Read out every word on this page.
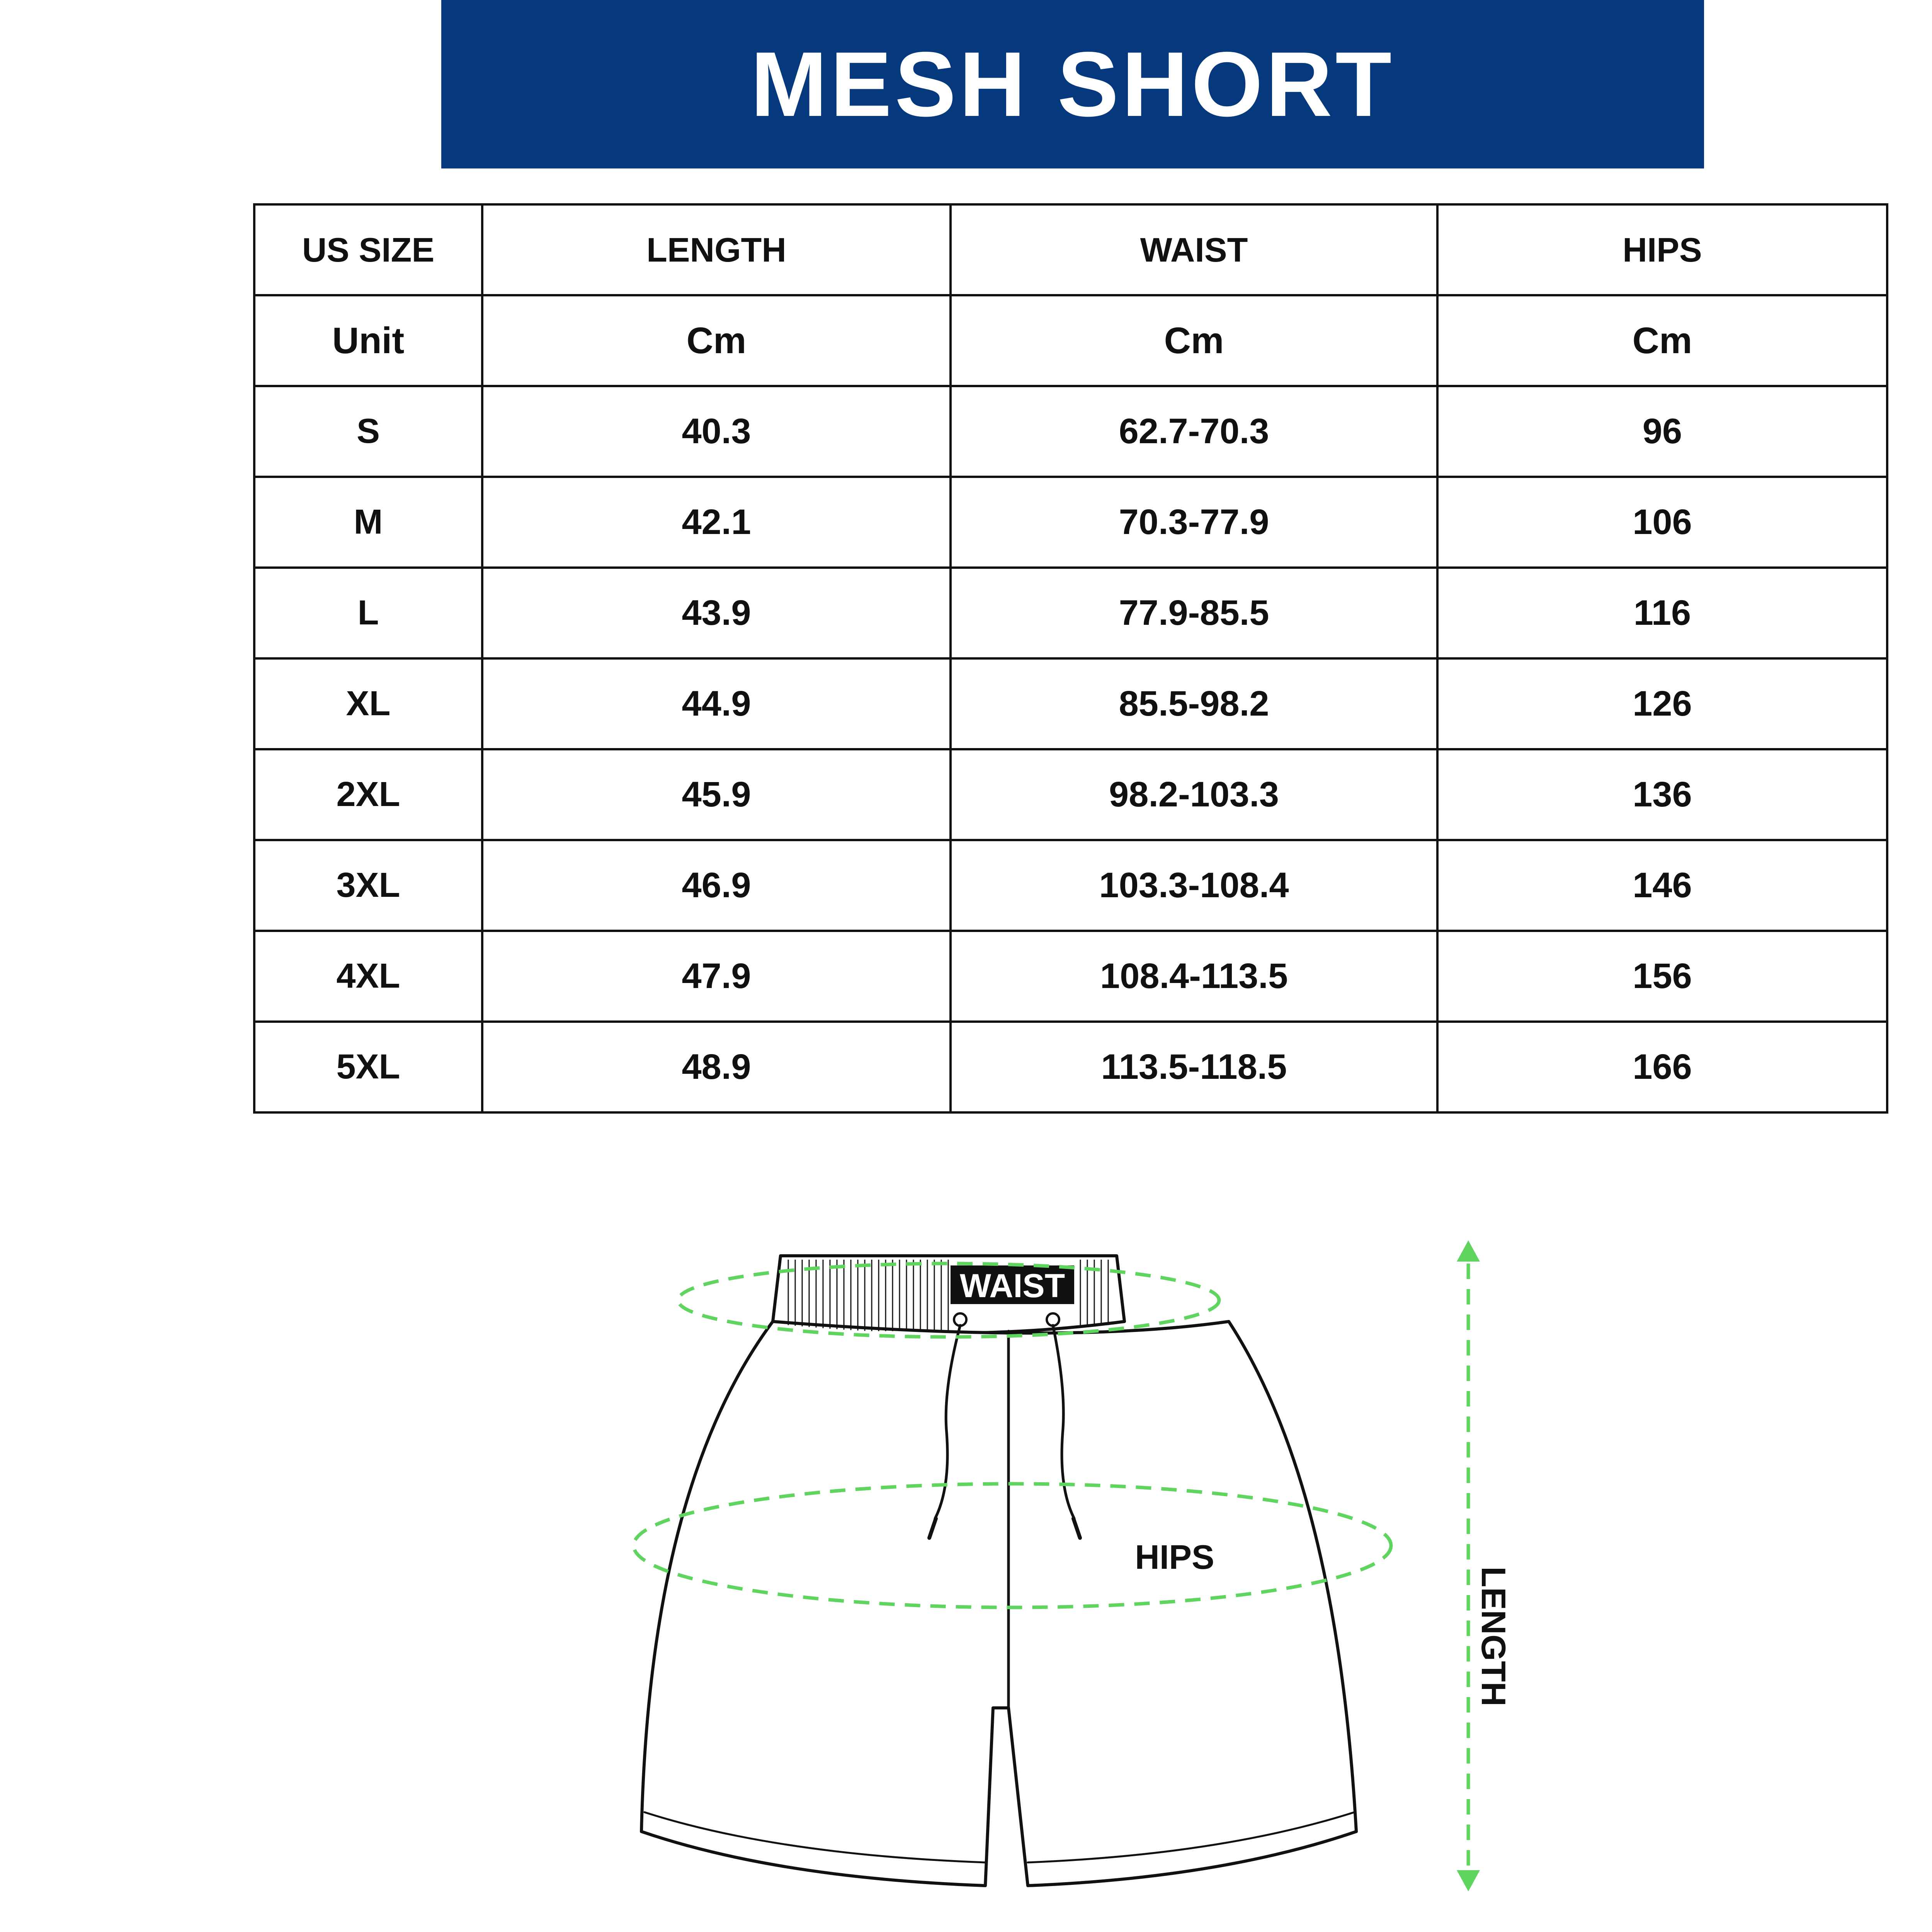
MESH SHORT
US SIZE	LENGTH	WAIST	HIPS
Unit	Cm	Cm	Cm
S	40.3	62.7-70.3	96
M	42.1	70.3-77.9	106
L	43.9	77.9-85.5	116
XL	44.9	85.5-98.2	126
2XL	45.9	98.2-103.3	136
3XL	46.9	103.3-108.4	146
4XL	47.9	108.4-113.5	156
5XL	48.9	113.5-118.5	166
WAIST
HIPS
LENGTH
